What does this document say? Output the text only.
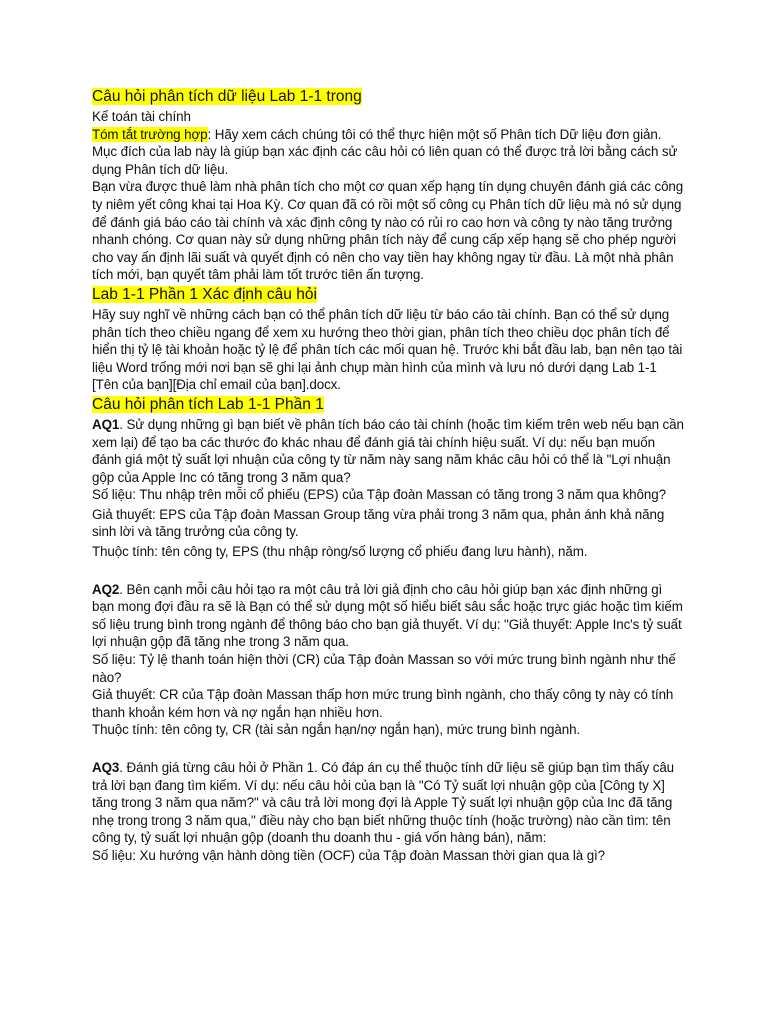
Câu hỏi phân tích dữ liệu Lab 1-1 trong

Kế toán tài chính

Tóm tắt trường hợp: Hãy xem cách chúng tôi có thể thực hiện một số Phân tích Dữ liệu đơn giản. Mục đích của lab này là giúp bạn xác định các câu hỏi có liên quan có thể được trả lời bằng cách sử dụng Phân tích dữ liệu.

Bạn vừa được thuê làm nhà phân tích cho một cơ quan xếp hạng tín dụng chuyên đánh giá các công ty niêm yết công khai tại Hoa Kỳ. Cơ quan đã có rồi một số công cụ Phân tích dữ liệu mà nó sử dụng để đánh giá báo cáo tài chính và xác định công ty nào có rủi ro cao hơn và công ty nào tăng trưởng nhanh chóng. Cơ quan này sử dụng những phân tích này để cung cấp xếp hạng sẽ cho phép người cho vay ấn định lãi suất và quyết định có nên cho vay tiền hay không ngay từ đầu. Là một nhà phân tích mới, bạn quyết tâm phải làm tốt trước tiên ấn tượng.

Lab 1-1 Phần 1 Xác định câu hỏi

Hãy suy nghĩ về những cách bạn có thể phân tích dữ liệu từ báo cáo tài chính. Bạn có thể sử dụng phân tích theo chiều ngang để xem xu hướng theo thời gian, phân tích theo chiều dọc phân tích để hiển thị tỷ lệ tài khoản hoặc tỷ lệ để phân tích các mối quan hệ. Trước khi bắt đầu lab, bạn nên tạo tài liệu Word trống mới nơi bạn sẽ ghi lại ảnh chụp màn hình của mình và lưu nó dưới dạng Lab 1-1 [Tên của bạn][Địa chỉ email của bạn].docx.

Câu hỏi phân tích Lab 1-1 Phần 1

AQ1. Sử dụng những gì bạn biết về phân tích báo cáo tài chính (hoặc tìm kiếm trên web nếu bạn cần xem lại) để tạo ba các thước đo khác nhau để đánh giá tài chính hiệu suất. Ví dụ: nếu bạn muốn đánh giá một tỷ suất lợi nhuận của công ty từ năm này sang năm khác câu hỏi có thể là "Lợi nhuận gộp của Apple Inc có tăng trong 3 năm qua?

Số liệu: Thu nhập trên mỗi cổ phiếu (EPS) của Tập đoàn Massan có tăng trong 3 năm qua không?

Giả thuyết: EPS của Tập đoàn Massan Group tăng vừa phải trong 3 năm qua, phản ánh khả năng sinh lời và tăng trưởng của công ty.

Thuộc tính: tên công ty, EPS (thu nhập ròng/số lượng cổ phiếu đang lưu hành), năm.

AQ2. Bên cạnh mỗi câu hỏi tạo ra một câu trả lời giả định cho câu hỏi giúp bạn xác định những gì bạn mong đợi đầu ra sẽ là Bạn có thể sử dụng một số hiểu biết sâu sắc hoặc trực giác hoặc tìm kiếm số liệu trung bình trong ngành để thông báo cho bạn giả thuyết. Ví dụ: "Giả thuyết: Apple Inc's tỷ suất lợi nhuận gộp đã tăng nhe trong 3 năm qua.

Số liệu: Tỷ lệ thanh toán hiện thời (CR) của Tập đoàn Massan so với mức trung bình ngành như thế nào?

Giả thuyết: CR của Tập đoàn Massan thấp hơn mức trung bình ngành, cho thấy công ty này có tính thanh khoản kém hơn và nợ ngắn hạn nhiều hơn.

Thuộc tính: tên công ty, CR (tài sản ngắn hạn/nợ ngắn hạn), mức trung bình ngành.

AQ3. Đánh giá từng câu hỏi ở Phần 1. Có đáp án cụ thể thuộc tính dữ liệu sẽ giúp bạn tìm thấy câu trả lời bạn đang tìm kiếm. Ví dụ: nếu câu hỏi của bạn là "Có Tỷ suất lợi nhuận gộp của [Công ty X] tăng trong 3 năm qua năm?" và câu trả lời mong đợi là Apple Tỷ suất lợi nhuận gộp của Inc đã tăng nhẹ trong trong 3 năm qua," điều này cho bạn biết những thuộc tính (hoặc trường) nào cần tìm: tên công ty, tỷ suất lợi nhuận gộp (doanh thu doanh thu - giá vốn hàng bán), năm:

Số liệu: Xu hướng vận hành dòng tiền (OCF) của Tập đoàn Massan thời gian qua là gì?
